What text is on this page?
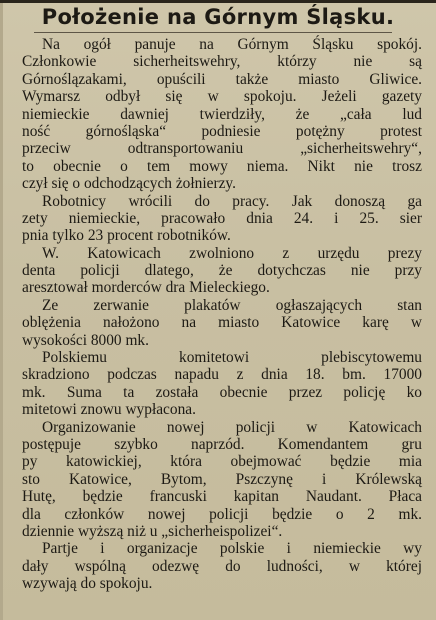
Położenie na Górnym Śląsku.
Na ogół panuje na Górnym Śląsku spokój.
Członkowie sicherheitswehry, którzy nie są
Górnoślązakami, opuścili także miasto Gliwice.
Wymarsz odbył się w spokoju. Jeżeli gazety
niemieckie dawniej twierdziły, że „cała lud
ność górnośląska“ podniesie potężny protest
przeciw odtransportowaniu „sicherheitswehry“,
to obecnie o tem mowy niema. Nikt nie trosz
czył się o odchodzących żołnierzy.
Robotnicy wrócili do pracy. Jak donoszą ga
zety niemieckie, pracowało dnia 24. i 25. sier
pnia tylko 23 procent robotników.
W. Katowicach zwolniono z urzędu prezy
denta policji dlatego, że dotychczas nie przy
aresztował morderców dra Mieleckiego.
Ze zerwanie plakatów ogłaszających stan
oblężenia nałożono na miasto Katowice karę w
wysokości 8000 mk.
Polskiemu komitetowi plebiscytowemu
skradziono podczas napadu z dnia 18. bm. 17000
mk. Suma ta została obecnie przez policję ko
mitetowi znowu wypłacona.
Organizowanie nowej policji w Katowicach
postępuje szybko naprzód. Komendantem gru
py katowickiej, która obejmować będzie mia
sto Katowice, Bytom, Pszczynę i Królewską
Hutę, będzie francuski kapitan Naudant. Płaca
dla członków nowej policji będzie o 2 mk.
dziennie wyższą niż u „sicherheispolizei“.
Partje i organizacje polskie i niemieckie wy
dały wspólną odezwę do ludności, w której
wzywają do spokoju.
